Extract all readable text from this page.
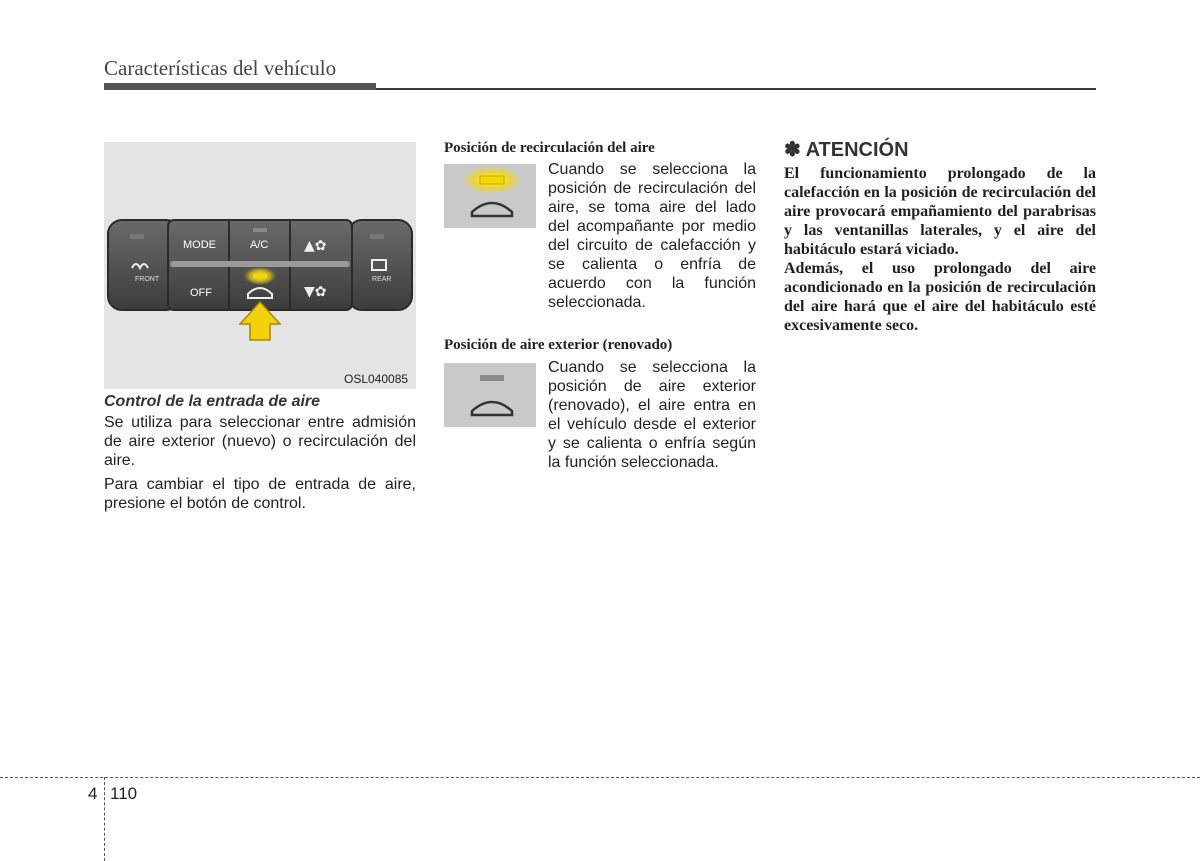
Características del vehículo
▲✿
▼✿
FRONT
MODE	A/C
OFF
REAR
OSL040085

Control de la entrada de aire

Se utiliza para seleccionar entre admisión de aire exterior (nuevo) o recirculación del aire.

Para cambiar el tipo de entrada de aire, presione el botón de control.

Posición de recirculación del aire

Cuando se selecciona la posición de recirculación del aire, se toma aire del lado del acompañante por medio del circuito de calefacción y se calienta o enfría de acuerdo con la función seleccionada.

Posición de aire exterior (renovado)

Cuando se selecciona la posición de aire exterior (renovado), el aire entra en el vehículo desde el exterior y se calienta o enfría según la función seleccionada.

✽ ATENCIÓN

El funcionamiento prolongado de la calefacción en la posición de recirculación del aire provocará empañamiento del parabrisas y las ventanillas laterales, y el aire del habitáculo estará viciado.

Además, el uso prolongado del aire acondicionado en la posición de recirculación del aire hará que el aire del habitáculo esté excesivamente seco.

4 110
